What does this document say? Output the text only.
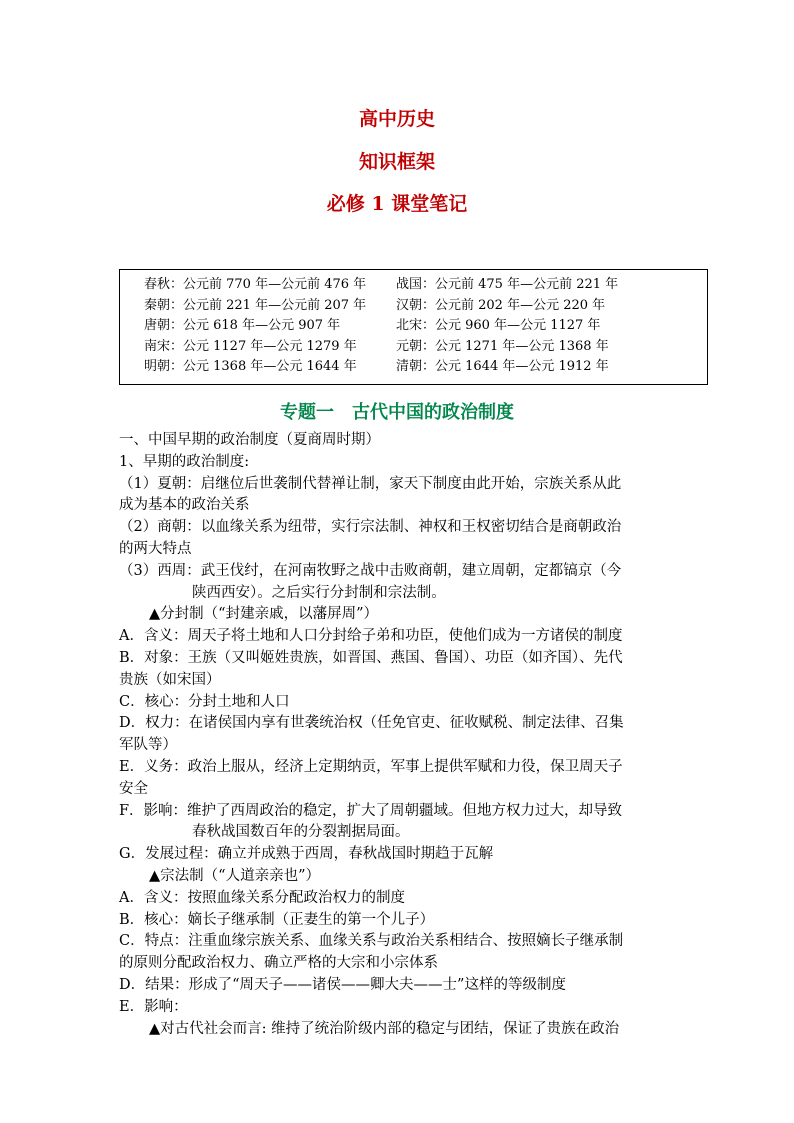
高中历史
知识框架
必修 1 课堂笔记
春秋：公元前 770 年—公元前 476 年	战国：公元前 475 年—公元前 221 年
秦朝：公元前 221 年—公元前 207 年	汉朝：公元前 202 年—公元 220 年
唐朝：公元 618 年—公元 907 年	北宋：公元 960 年—公元 1127 年
南宋：公元 1127 年—公元 1279 年	元朝：公元 1271 年—公元 1368 年
明朝：公元 1368 年—公元 1644 年	清朝：公元 1644 年—公元 1912 年
专题一　古代中国的政治制度
一、中国早期的政治制度（夏商周时期）
1、早期的政治制度:
（1）夏朝：启继位后世袭制代替禅让制，家天下制度由此开始，宗族关系从此
成为基本的政治关系
（2）商朝：以血缘关系为纽带，实行宗法制、神权和王权密切结合是商朝政治
的两大特点
（3）西周：武王伐纣，在河南牧野之战中击败商朝，建立周朝，定都镐京（今
陕西西安）。之后实行分封制和宗法制。
▲分封制（“封建亲戚，以藩屏周”）
A．含义：周天子将土地和人口分封给子弟和功臣，使他们成为一方诸侯的制度
B．对象：王族（又叫姬姓贵族，如晋国、燕国、鲁国）、功臣（如齐国）、先代
贵族（如宋国）
C．核心：分封土地和人口
D．权力：在诸侯国内享有世袭统治权（任免官吏、征收赋税、制定法律、召集
军队等）
E．义务：政治上服从，经济上定期纳贡，军事上提供军赋和力役，保卫周天子
安全
F．影响：维护了西周政治的稳定，扩大了周朝疆域。但地方权力过大，却导致
春秋战国数百年的分裂割据局面。
G．发展过程：确立并成熟于西周，春秋战国时期趋于瓦解
▲宗法制（“人道亲亲也”）
A．含义：按照血缘关系分配政治权力的制度
B．核心：嫡长子继承制（正妻生的第一个儿子）
C．特点：注重血缘宗族关系、血缘关系与政治关系相结合、按照嫡长子继承制
的原则分配政治权力、确立严格的大宗和小宗体系
D．结果：形成了“周天子——诸侯——卿大夫——士”这样的等级制度
E．影响：
▲对古代社会而言: 维持了统治阶级内部的稳定与团结，保证了贵族在政治
